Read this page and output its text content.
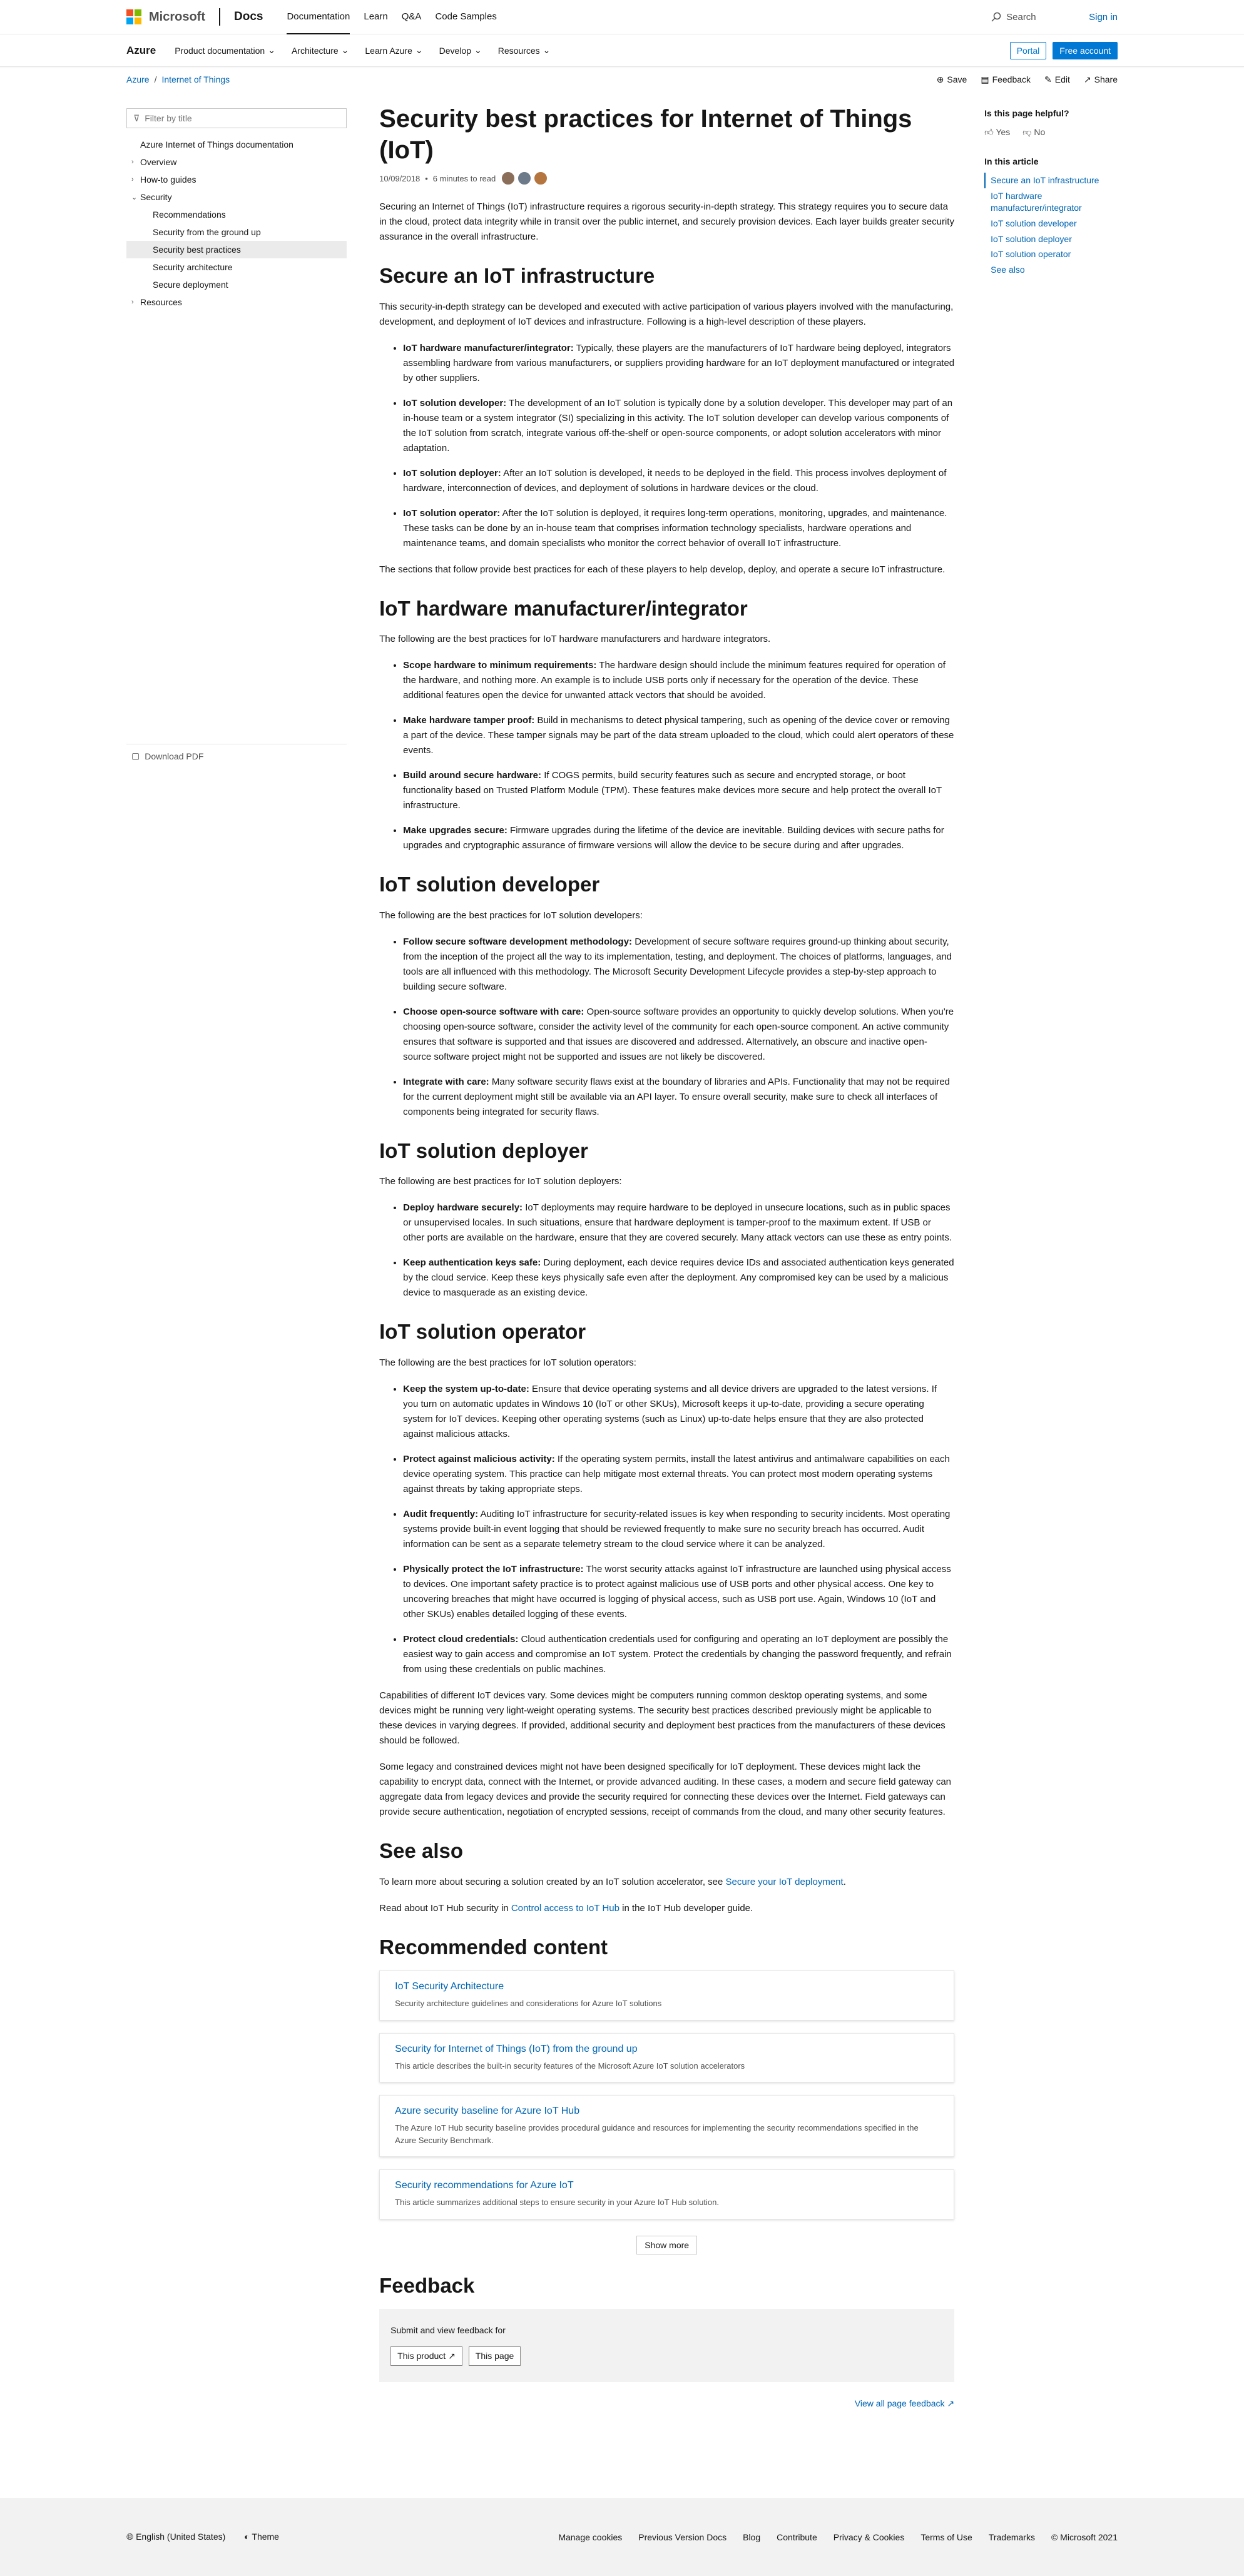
Microsoft Docs	Documentation Learn Q&A Code Samples	Search	Sign in
Azure Product documentation ⌄ Architecture ⌄ Learn Azure ⌄ Develop ⌄ Resources ⌄	Portal	Free account
Azure / Internet of Things	⊕ Save ▤ Feedback ✎ Edit ↗ Share
⊽ Filter by title
Azure Internet of Things documentation
› Overview
› How-to guides
⌄ Security
Recommendations
Security from the ground up
Security best practices
Security architecture
Secure deployment
› Resources
▢ Download PDF
Security best practices for Internet of Things (IoT)
10/09/2018 • 6 minutes to read

Securing an Internet of Things (IoT) infrastructure requires a rigorous security-in-depth strategy. This strategy requires you to secure data in the cloud, protect data integrity while in transit over the public internet, and securely provision devices. Each layer builds greater security assurance in the overall infrastructure.

Secure an IoT infrastructure

This security-in-depth strategy can be developed and executed with active participation of various players involved with the manufacturing, development, and deployment of IoT devices and infrastructure. Following is a high-level description of these players.

• IoT hardware manufacturer/integrator: Typically, these players are the manufacturers of IoT hardware being deployed, integrators assembling hardware from various manufacturers, or suppliers providing hardware for an IoT deployment manufactured or integrated by other suppliers.
• IoT solution developer: The development of an IoT solution is typically done by a solution developer. This developer may part of an in-house team or a system integrator (SI) specializing in this activity. The IoT solution developer can develop various components of the IoT solution from scratch, integrate various off-the-shelf or open-source components, or adopt solution accelerators with minor adaptation.
• IoT solution deployer: After an IoT solution is developed, it needs to be deployed in the field. This process involves deployment of hardware, interconnection of devices, and deployment of solutions in hardware devices or the cloud.
• IoT solution operator: After the IoT solution is deployed, it requires long-term operations, monitoring, upgrades, and maintenance. These tasks can be done by an in-house team that comprises information technology specialists, hardware operations and maintenance teams, and domain specialists who monitor the correct behavior of overall IoT infrastructure.

The sections that follow provide best practices for each of these players to help develop, deploy, and operate a secure IoT infrastructure.

IoT hardware manufacturer/integrator

The following are the best practices for IoT hardware manufacturers and hardware integrators.

• Scope hardware to minimum requirements: The hardware design should include the minimum features required for operation of the hardware, and nothing more. An example is to include USB ports only if necessary for the operation of the device. These additional features open the device for unwanted attack vectors that should be avoided.
• Make hardware tamper proof: Build in mechanisms to detect physical tampering, such as opening of the device cover or removing a part of the device. These tamper signals may be part of the data stream uploaded to the cloud, which could alert operators of these events.
• Build around secure hardware: If COGS permits, build security features such as secure and encrypted storage, or boot functionality based on Trusted Platform Module (TPM). These features make devices more secure and help protect the overall IoT infrastructure.
• Make upgrades secure: Firmware upgrades during the lifetime of the device are inevitable. Building devices with secure paths for upgrades and cryptographic assurance of firmware versions will allow the device to be secure during and after upgrades.
IoT solution developer

The following are the best practices for IoT solution developers:

• Follow secure software development methodology: Development of secure software requires ground-up thinking about security, from the inception of the project all the way to its implementation, testing, and deployment. The choices of platforms, languages, and tools are all influenced with this methodology. The Microsoft Security Development Lifecycle provides a step-by-step approach to building secure software.
• Choose open-source software with care: Open-source software provides an opportunity to quickly develop solutions. When you're choosing open-source software, consider the activity level of the community for each open-source component. An active community ensures that software is supported and that issues are discovered and addressed. Alternatively, an obscure and inactive open-source software project might not be supported and issues are not likely be discovered.
• Integrate with care: Many software security flaws exist at the boundary of libraries and APIs. Functionality that may not be required for the current deployment might still be available via an API layer. To ensure overall security, make sure to check all interfaces of components being integrated for security flaws.
IoT solution deployer

The following are best practices for IoT solution deployers:

• Deploy hardware securely: IoT deployments may require hardware to be deployed in unsecure locations, such as in public spaces or unsupervised locales. In such situations, ensure that hardware deployment is tamper-proof to the maximum extent. If USB or other ports are available on the hardware, ensure that they are covered securely. Many attack vectors can use these as entry points.
• Keep authentication keys safe: During deployment, each device requires device IDs and associated authentication keys generated by the cloud service. Keep these keys physically safe even after the deployment. Any compromised key can be used by a malicious device to masquerade as an existing device.
IoT solution operator

The following are the best practices for IoT solution operators:

• Keep the system up-to-date: Ensure that device operating systems and all device drivers are upgraded to the latest versions. If you turn on automatic updates in Windows 10 (IoT or other SKUs), Microsoft keeps it up-to-date, providing a secure operating system for IoT devices. Keeping other operating systems (such as Linux) up-to-date helps ensure that they are also protected against malicious attacks.
• Protect against malicious activity: If the operating system permits, install the latest antivirus and antimalware capabilities on each device operating system. This practice can help mitigate most external threats. You can protect most modern operating systems against threats by taking appropriate steps.
• Audit frequently: Auditing IoT infrastructure for security-related issues is key when responding to security incidents. Most operating systems provide built-in event logging that should be reviewed frequently to make sure no security breach has occurred. Audit information can be sent as a separate telemetry stream to the cloud service where it can be analyzed.
• Physically protect the IoT infrastructure: The worst security attacks against IoT infrastructure are launched using physical access to devices. One important safety practice is to protect against malicious use of USB ports and other physical access. One key to uncovering breaches that might have occurred is logging of physical access, such as USB port use. Again, Windows 10 (IoT and other SKUs) enables detailed logging of these events.
• Protect cloud credentials: Cloud authentication credentials used for configuring and operating an IoT deployment are possibly the easiest way to gain access and compromise an IoT system. Protect the credentials by changing the password frequently, and refrain from using these credentials on public machines.

Capabilities of different IoT devices vary. Some devices might be computers running common desktop operating systems, and some devices might be running very light-weight operating systems. The security best practices described previously might be applicable to these devices in varying degrees. If provided, additional security and deployment best practices from the manufacturers of these devices should be followed.

Some legacy and constrained devices might not have been designed specifically for IoT deployment. These devices might lack the capability to encrypt data, connect with the Internet, or provide advanced auditing. In these cases, a modern and secure field gateway can aggregate data from legacy devices and provide the security required for connecting these devices over the Internet. Field gateways can provide secure authentication, negotiation of encrypted sessions, receipt of commands from the cloud, and many other security features.

See also

To learn more about securing a solution created by an IoT solution accelerator, see Secure your IoT deployment.

Read about IoT Hub security in Control access to IoT Hub in the IoT Hub developer guide.

Recommended content
IoT Security Architecture
Security architecture guidelines and considerations for Azure IoT solutions
Security for Internet of Things (IoT) from the ground up
This article describes the built-in security features of the Microsoft Azure IoT solution accelerators
Azure security baseline for Azure IoT Hub
The Azure IoT Hub security baseline provides procedural guidance and resources for implementing the security recommendations specified in the Azure Security Benchmark.
Security recommendations for Azure IoT
This article summarizes additional steps to ensure security in your Azure IoT Hub solution.
Show more
Feedback
Submit and view feedback for
This product ↗	This page
View all page feedback ↗
Is this page helpful?
👍︎ Yes 👎︎ No
In this article
Secure an IoT infrastructure
IoT hardware manufacturer/integrator
IoT solution developer
IoT solution deployer
IoT solution operator
See also
🌐︎ English (United States) ◐ Theme	Manage cookies Previous Version Docs Blog Contribute Privacy & Cookies Terms of Use Trademarks © Microsoft 2021
